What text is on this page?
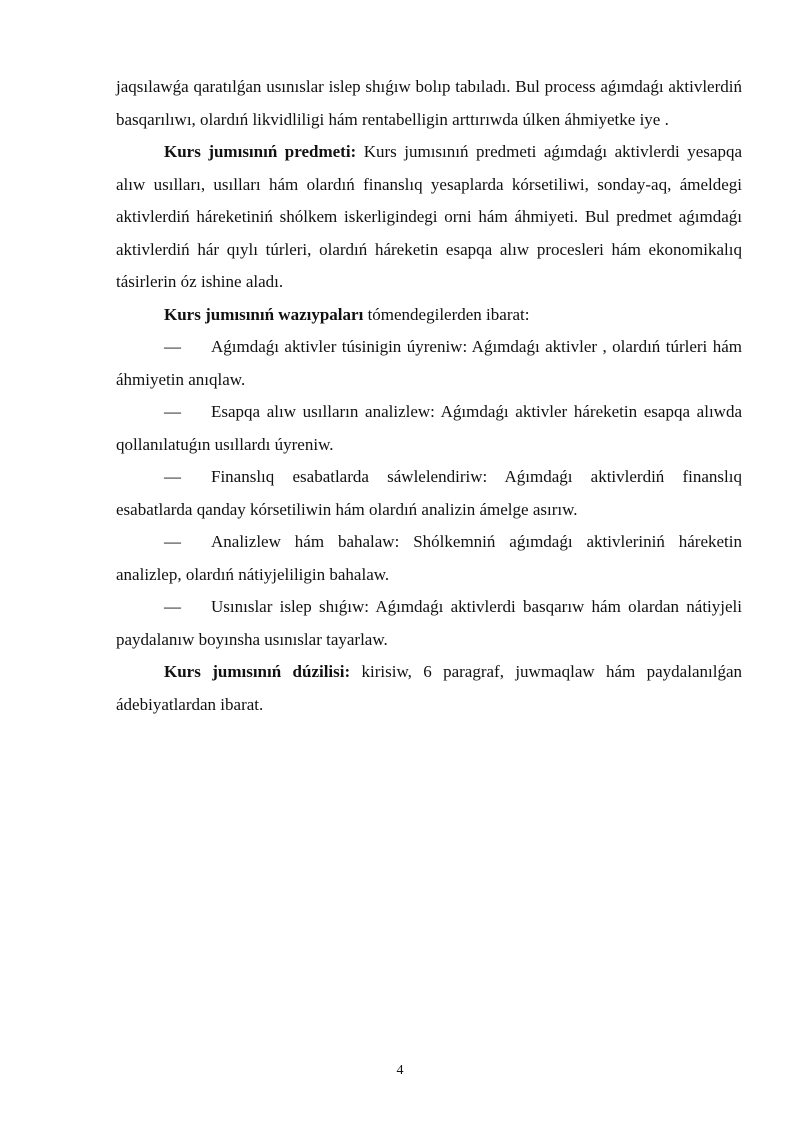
jaqsılawǵa qaratılǵan usınıslar islep shıǵıw bolıp tabıladı. Bul process aǵımdaǵı aktivlerdiń basqarılıwı, olardıń likvidliligi hám rentabelligin arttırıwda úlken áhmiyetke iye .

Kurs jumısınıń predmeti: Kurs jumısınıń predmeti aǵımdaǵı aktivlerdi yesapqa alıw usılları, usılları hám olardıń finanslıq yesaplarda kórsetiliwi, sonday-aq, ámeldegi aktivlerdiń háreketiniń shólkem iskerligindegi orni hám áhmiyeti. Bul predmet aǵımdaǵı aktivlerdiń hár qıylı túrleri, olardıń háreketin esapqa alıw procesleri hám ekonomikalıq tásirlerin óz ishine aladı.

Kurs jumısınıń wazıypaları tómendegilerden ibarat:

— Aǵımdaǵı aktivler túsinigin úyreniw: Aǵımdaǵı aktivler , olardıń túrleri hám áhmiyetin anıqlaw.

— Esapqa alıw usılların analizlew: Aǵımdaǵı aktivler háreketin esapqa alıwda qollanılatuǵın usıllardı úyreniw.

— Finanslıq esabatlarda sáwlelendiriw: Aǵımdaǵı aktivlerdiń finanslıq esabatlarda qanday kórsetiliwin hám olardıń analizin ámelge asırıw.

— Analizlew hám bahalaw: Shólkemniń aǵımdaǵı aktivleriniń háreketin analizlep, olardıń nátiyjeliligin bahalaw.

— Usınıslar islep shıǵıw: Aǵımdaǵı aktivlerdi basqarıw hám olardan nátiyjeli paydalanıw boyınsha usınıslar tayarlaw.

Kurs jumısınıń dúzilisi: kirisiw, 6 paragraf, juwmaqlaw hám paydalanılǵan ádebiyatlardan ibarat.

4
